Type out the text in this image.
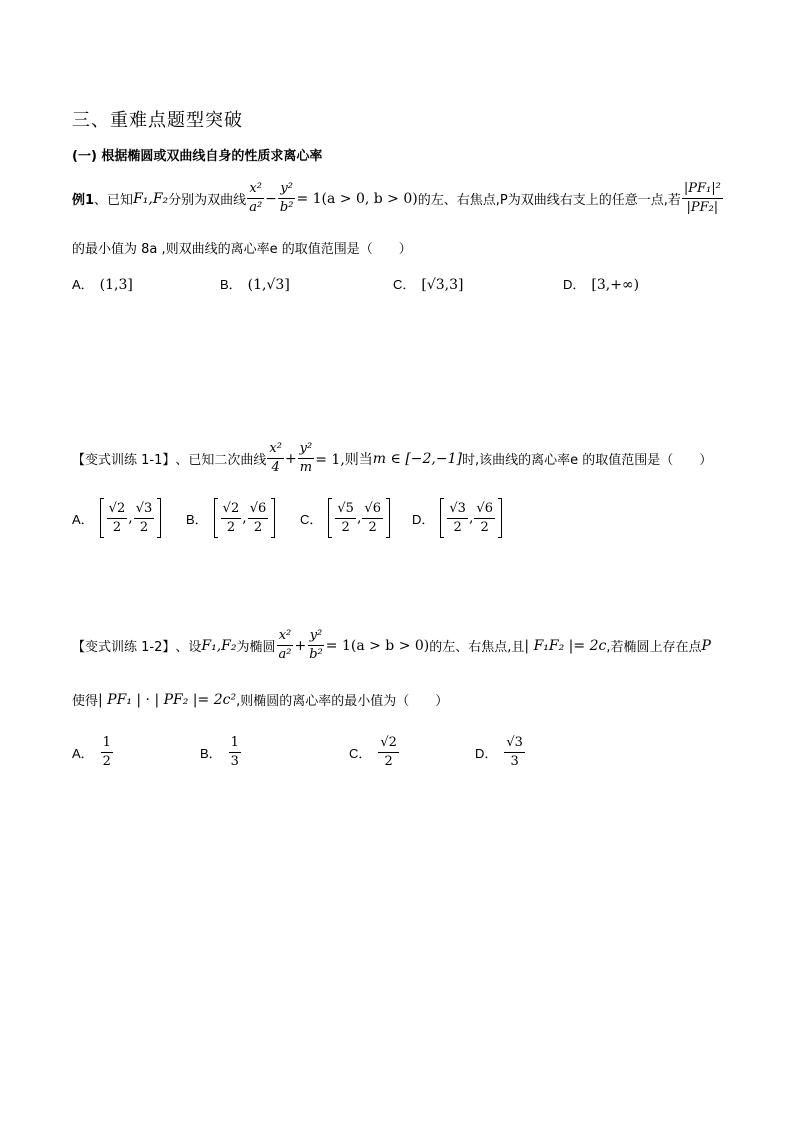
三、重难点题型突破
(一) 根据椭圆或双曲线自身的性质求离心率
例1 、已知 F₁,F₂ 分别为双曲线 $\frac{\text{x²}}{\text{a²}} - \frac{\text{y²}}{\text{b²}} = 1(a > 0$, b > 0) 的左、右焦点,P为双曲线右支上的任意一点,若 $\frac{\text{|PF₁|²}}{\text{|PF₂|}}$
的最小值为 8a ,则双曲线的离心率e 的取值范围是（　　）
A． (1,3]	B． (1,√3]	C． [√3,3]	D． [3,+∞)
【变式训练 1-1】 、已知二次曲线 $\frac{\text{x²}}{4} + \frac{\text{y²}}{m} = 1$,则当 m ∈ [−2,−1] 时,该曲线的离心率e 的取值范围是（　　）
A． $\frac{√2}{2}$ , $\frac{√3}{2}$ B． $\frac{√2}{2}$ , $\frac{√6}{2}$ C． $\frac{√5}{2}$ , $\frac{√6}{2}$ D． $\frac{√3}{2}$ , $\frac{√6}{2}$
【变式训练 1-2】 、设 F₁,F₂ 为椭圆 $\frac{\text{x²}}{\text{a²}} + \frac{\text{y²}}{\text{b²}} = 1(a > b > 0)$ 的左、右焦点,且 | F₁F₂ |= 2c ,若椭圆上存在点 P
使得 | PF₁ | · | PF₂ |= 2c² ,则椭圆的离心率的最小值为（　　）
A． $\frac{1}{2}$	B． $\frac{1}{3}$	C． $\frac{√2}{2}$	D． $\frac{√3}{3}$
